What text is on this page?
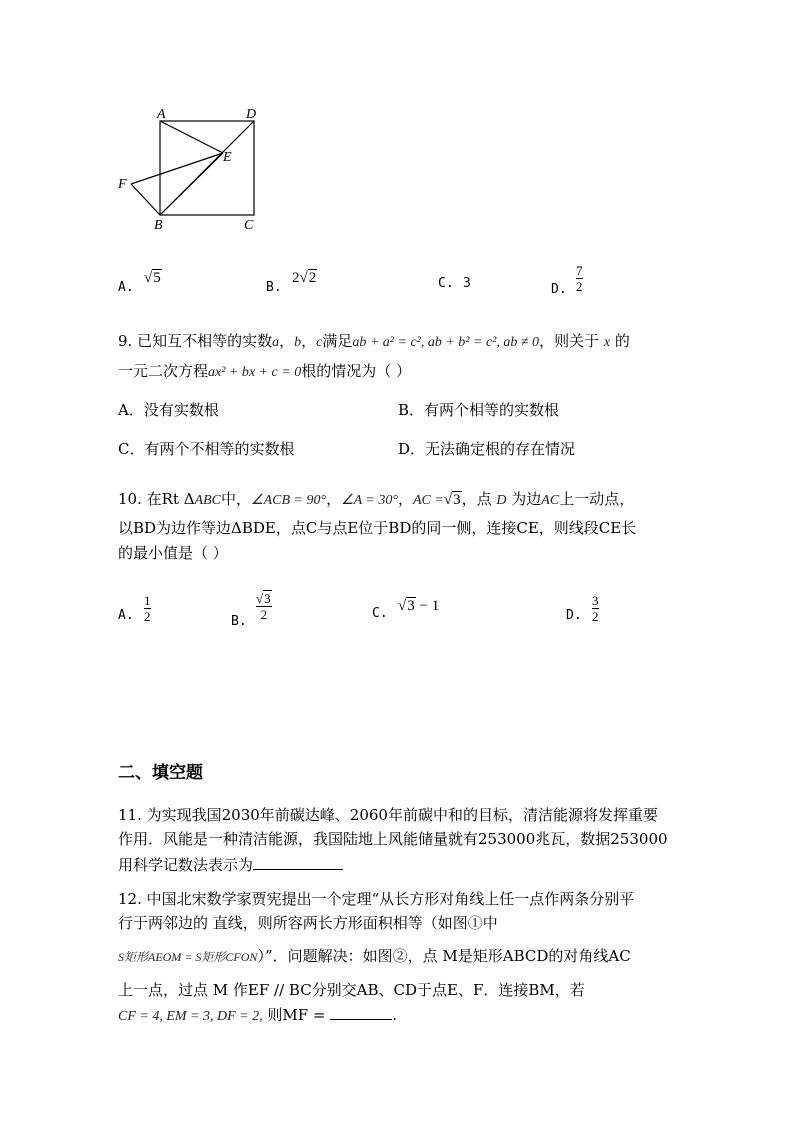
A	D
E
F
B	C
A.
√5
B.
2√2	C. 3	D.
7
2
9. 已知互不相等的实数a，b，c满足ab + a² = c², ab + b² = c², ab ≠ 0，则关于 x 的
一元二次方程ax² + bx + c = 0根的情况为（ ）
A．没有实数根	B．有两个相等的实数根
C．有两个不相等的实数根	D．无法确定根的存在情况
10. 在Rt ΔABC中，∠ACB = 90°，∠A = 30°，AC =√3，点 D 为边AC上一动点，
以BD为边作等边ΔBDE，点C与点E位于BD的同一侧，连接CE，则线段CE长
的最小值是（ ）
A.
1
2	B.
√3
2	C. √3 − 1
D.
3
2
二、填空题
11. 为实现我国2030年前碳达峰、2060年前碳中和的目标，清洁能源将发挥重要
作用．风能是一种清洁能源，我国陆地上风能储量就有253000兆瓦，数据253000
用科学记数法表示为
12. 中国北宋数学家贾宪提出一个定理“从长方形对角线上任一点作两条分别平
行于两邻边的 直线，则所容两长方形面积相等（如图①中
S矩形AEOM = S矩形CFON）”．问题解决：如图②，点 M是矩形ABCD的对角线AC
上一点，过点 M 作EF // BC分别交AB、CD于点E、F．连接BM，若
CF = 4, EM = 3, DF = 2, 则MF =	.
